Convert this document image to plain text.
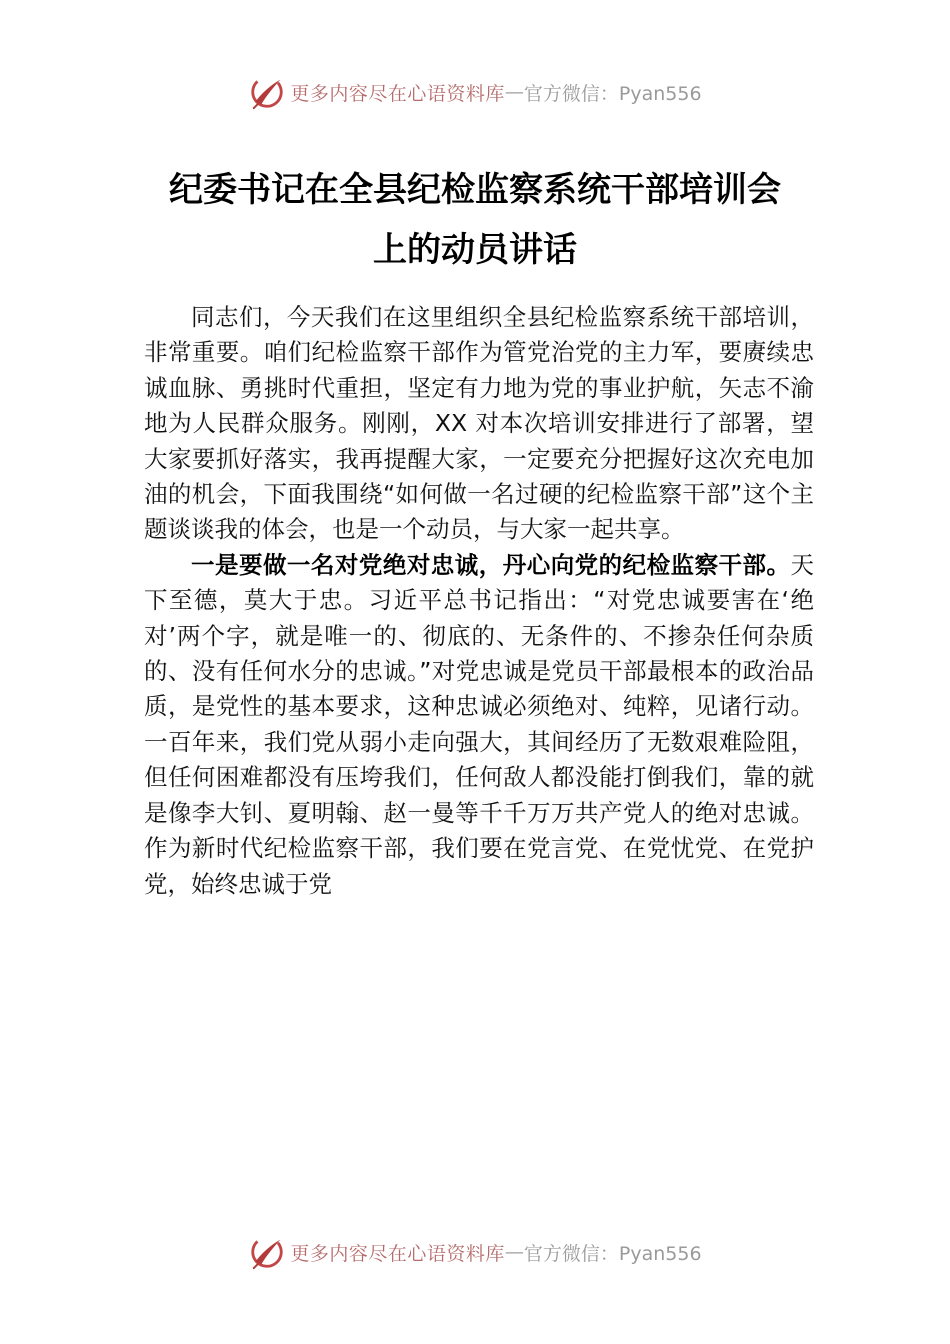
更多内容尽在心语资料库 — 官方微信：Pyan556
纪委书记在全县纪检监察系统干部培训会
上的动员讲话

同志们，今天我们在这里组织全县纪检监察系统干部培训，非常重要。咱们纪检监察干部作为管党治党的主力军，要赓续忠诚血脉、勇挑时代重担，坚定有力地为党的事业护航，矢志不渝地为人民群众服务。刚刚，XX 对本次培训安排进行了部署，望大家要抓好落实，我再提醒大家，一定要充分把握好这次充电加油的机会，下面我围绕“如何做一名过硬的纪检监察干部”这个主题谈谈我的体会，也是一个动员，与大家一起共享。

一是要做一名对党绝对忠诚，丹心向党的纪检监察干部。天下至德，莫大于忠。习近平总书记指出：“对党忠诚要害在‘绝对’两个字，就是唯一的、彻底的、无条件的、不掺杂任何杂质的、没有任何水分的忠诚。”对党忠诚是党员干部最根本的政治品质，是党性的基本要求，这种忠诚必须绝对、纯粹，见诸行动。一百年来，我们党从弱小走向强大，其间经历了无数艰难险阻，但任何困难都没有压垮我们，任何敌人都没能打倒我们，靠的就是像李大钊、夏明翰、赵一曼等千千万万共产党人的绝对忠诚。作为新时代纪检监察干部，我们要在党言党、在党忧党、在党护党，始终忠诚于党

更多内容尽在心语资料库 — 官方微信：Pyan556
